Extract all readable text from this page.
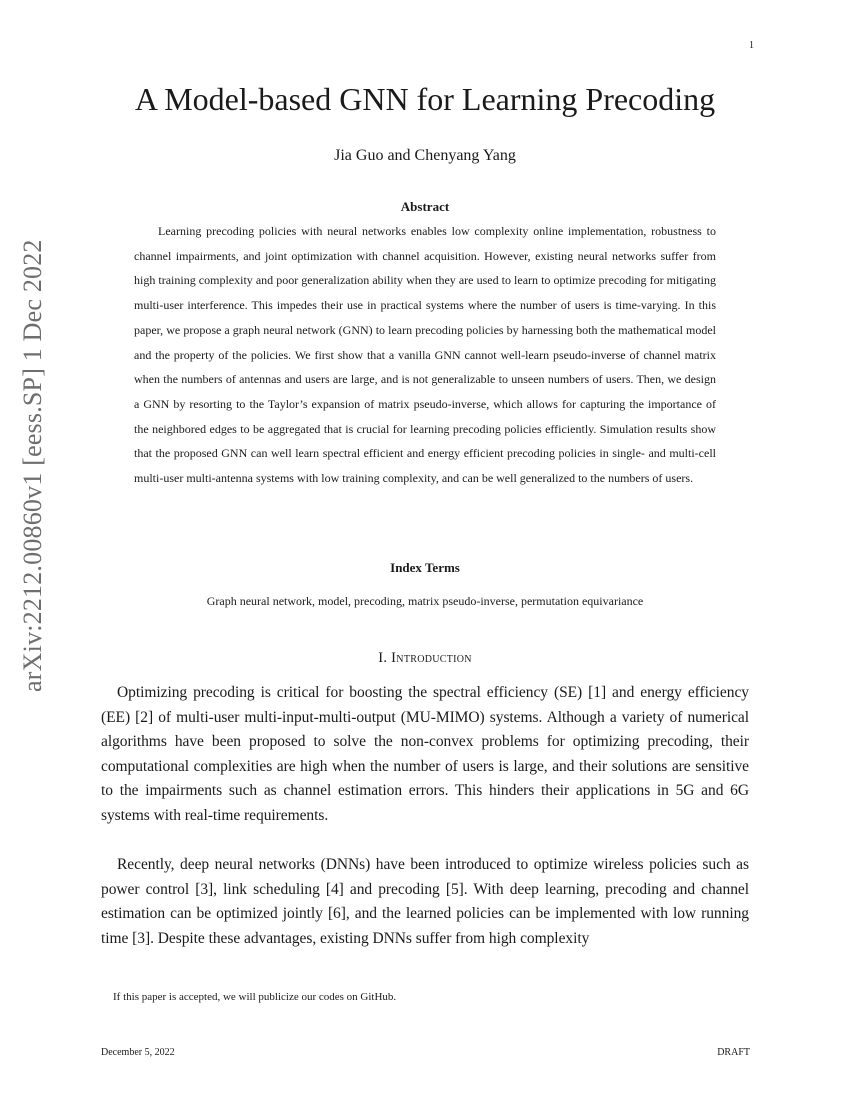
1
arXiv:2212.00860v1 [eess.SP] 1 Dec 2022
A Model-based GNN for Learning Precoding
Jia Guo and Chenyang Yang
Abstract

Learning precoding policies with neural networks enables low complexity online implementation, robustness to channel impairments, and joint optimization with channel acquisition. However, existing neural networks suffer from high training complexity and poor generalization ability when they are used to learn to optimize precoding for mitigating multi-user interference. This impedes their use in practical systems where the number of users is time-varying. In this paper, we propose a graph neural network (GNN) to learn precoding policies by harnessing both the mathematical model and the property of the policies. We first show that a vanilla GNN cannot well-learn pseudo-inverse of channel matrix when the numbers of antennas and users are large, and is not generalizable to unseen numbers of users. Then, we design a GNN by resorting to the Taylor’s expansion of matrix pseudo-inverse, which allows for capturing the importance of the neighbored edges to be aggregated that is crucial for learning precoding policies efficiently. Simulation results show that the proposed GNN can well learn spectral efficient and energy efficient precoding policies in single- and multi-cell multi-user multi-antenna systems with low training complexity, and can be well generalized to the numbers of users.

Index Terms
Graph neural network, model, precoding, matrix pseudo-inverse, permutation equivariance
I. Introduction

Optimizing precoding is critical for boosting the spectral efficiency (SE) [1] and energy efficiency (EE) [2] of multi-user multi-input-multi-output (MU-MIMO) systems. Although a variety of numerical algorithms have been proposed to solve the non-convex problems for optimizing precoding, their computational complexities are high when the number of users is large, and their solutions are sensitive to the impairments such as channel estimation errors. This hinders their applications in 5G and 6G systems with real-time requirements.

Recently, deep neural networks (DNNs) have been introduced to optimize wireless policies such as power control [3], link scheduling [4] and precoding [5]. With deep learning, precoding and channel estimation can be optimized jointly [6], and the learned policies can be implemented with low running time [3]. Despite these advantages, existing DNNs suffer from high complexity

If this paper is accepted, we will publicize our codes on GitHub.
December 5, 2022	DRAFT
